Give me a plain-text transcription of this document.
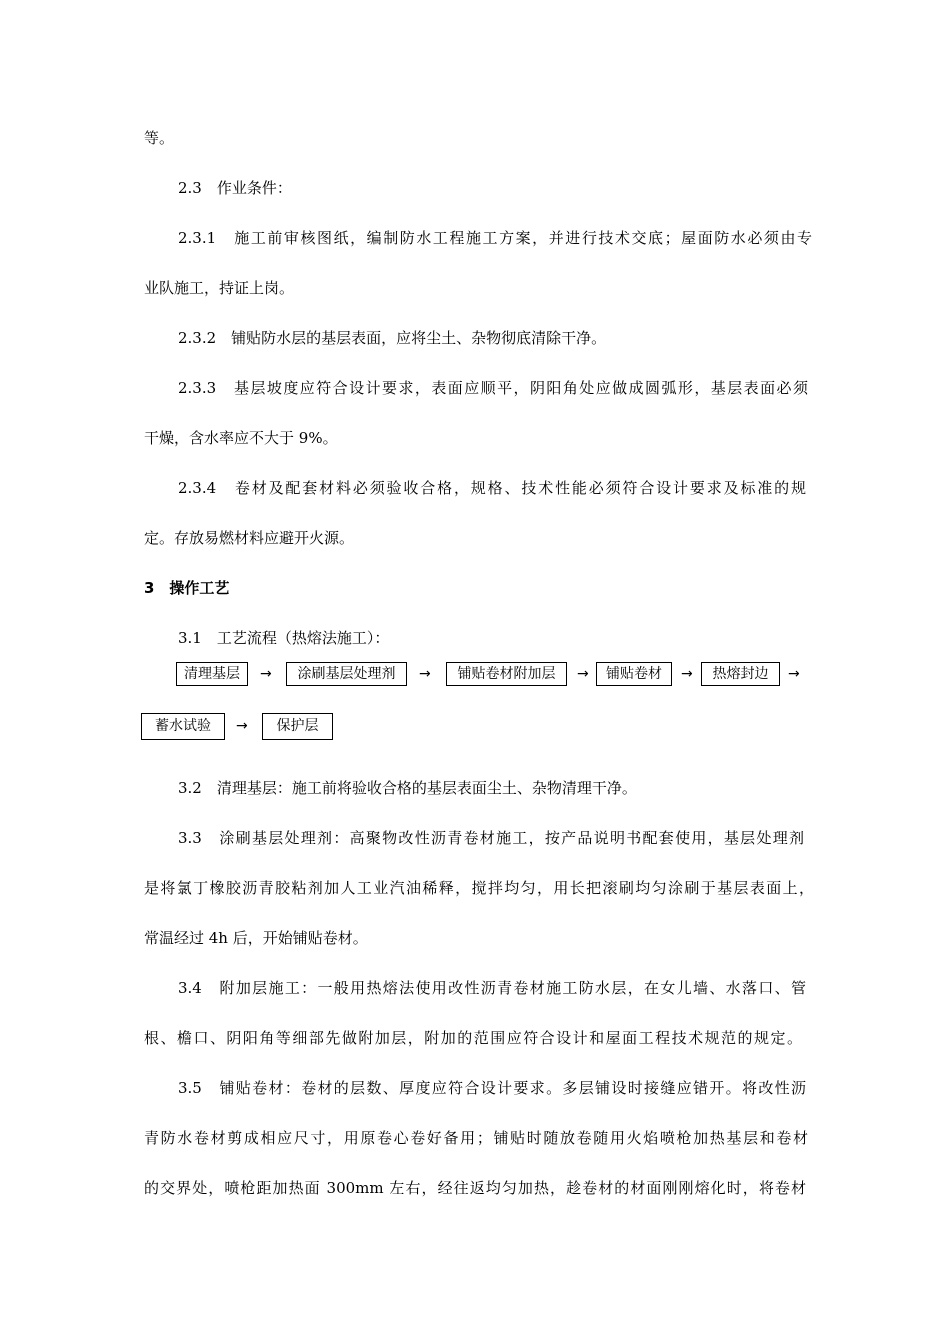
等。
2.3　作业条件：
2.3.1　施工前审核图纸，编制防水工程施工方案，并进行技术交底；屋面防水必须由专
业队施工，持证上岗。
2.3.2　铺贴防水层的基层表面，应将尘土、杂物彻底清除干净。
2.3.3　基层坡度应符合设计要求，表面应顺平，阴阳角处应做成圆弧形，基层表面必须
干燥，含水率应不大于 9%。
2.3.4　卷材及配套材料必须验收合格，规格、技术性能必须符合设计要求及标准的规
定。存放易燃材料应避开火源。
3　操作工艺
3.1　工艺流程（热熔法施工）：
清理基层	→	涂刷基层处理剂	→	铺贴卷材附加层	→	铺贴卷材	→	热熔封边	→
蓄水试验	→	保护层
3.2　清理基层：施工前将验收合格的基层表面尘土、杂物清理干净。
3.3　涂刷基层处理剂：高聚物改性沥青卷材施工，按产品说明书配套使用，基层处理剂
是将氯丁橡胶沥青胶粘剂加人工业汽油稀释，搅拌均匀，用长把滚刷均匀涂刷于基层表面上，
常温经过 4h 后，开始铺贴卷材。
3.4　附加层施工：一般用热熔法使用改性沥青卷材施工防水层，在女儿墙、水落口、管
根、檐口、阴阳角等细部先做附加层，附加的范围应符合设计和屋面工程技术规范的规定。
3.5　铺贴卷材：卷材的层数、厚度应符合设计要求。多层铺设时接缝应错开。将改性沥
青防水卷材剪成相应尺寸，用原卷心卷好备用；铺贴时随放卷随用火焰喷枪加热基层和卷材
的交界处，喷枪距加热面 300mm 左右，经往返均匀加热，趁卷材的材面刚刚熔化时，将卷材
